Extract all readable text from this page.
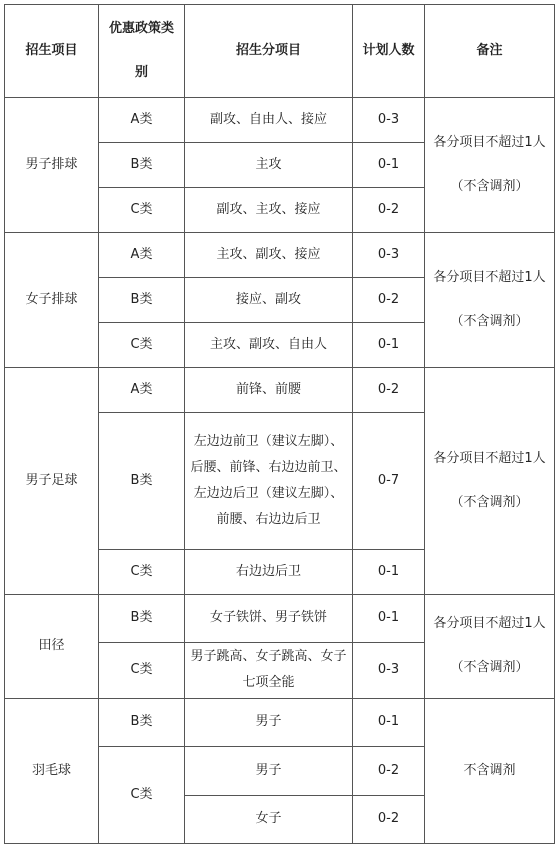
招生项目	优惠政策类别	招生分项目	计划人数	备注
男子排球	A类	副攻、自由人、接应	0-3	各分项目不超过1人（不含调剂）
	B类	主攻	0-1	
	C类	副攻、主攻、接应	0-2	
女子排球	A类	主攻、副攻、接应	0-3	各分项目不超过1人（不含调剂）
	B类	接应、副攻	0-2	
	C类	主攻、副攻、自由人	0-1	
男子足球	A类	前锋、前腰	0-2	各分项目不超过1人（不含调剂）
	B类	左边边前卫（建议左脚）、后腰、前锋、右边边前卫、左边边后卫（建议左脚）、前腰、右边边后卫	0-7	
	C类	右边边后卫	0-1	
田径	B类	女子铁饼、男子铁饼	0-1	各分项目不超过1人（不含调剂）
	C类	男子跳高、女子跳高、女子七项全能	0-3	
羽毛球	B类	男子	0-1	不含调剂
	C类	男子	0-2	
		女子	0-2	
